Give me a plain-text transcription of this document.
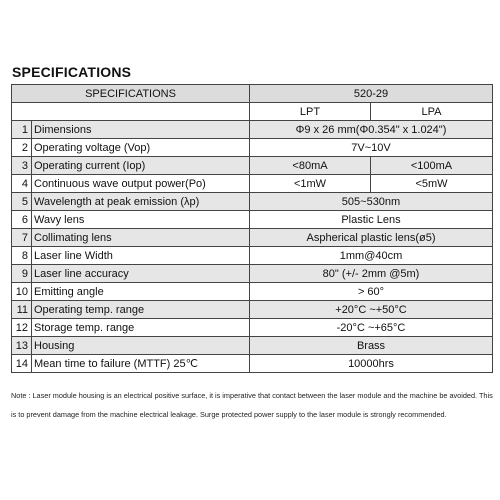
SPECIFICATIONS
SPECIFICATIONS		520-29	
		LPT	LPA
1	Dimensions	Φ9 x 26 mm(Φ0.354" x 1.024")	
2	Operating voltage (Vop)	7V~10V	
3	Operating current (Iop)	<80mA	<100mA
4	Continuous wave output power(Po)	<1mW	<5mW
5	Wavelength at peak emission (λp)	505~530nm	
6	Wavy lens	Plastic Lens	
7	Collimating lens	Aspherical plastic lens(ø5)	
8	Laser line Width	1mm@40cm	
9	Laser line accuracy	80" (+/- 2mm @5m)	
10	Emitting angle	> 60°	
11	Operating temp. range	+20°C ~+50°C	
12	Storage temp. range	-20°C ~+65°C	
13	Housing	Brass	
14	Mean time to failure (MTTF) 25℃	10000hrs	
Note : Laser module housing is an electrical positive surface, it is imperative that contact between the laser module and the machine be avoided. This is to prevent damage from the machine electrical leakage. Surge protected power supply to the laser module is strongly recommended.
